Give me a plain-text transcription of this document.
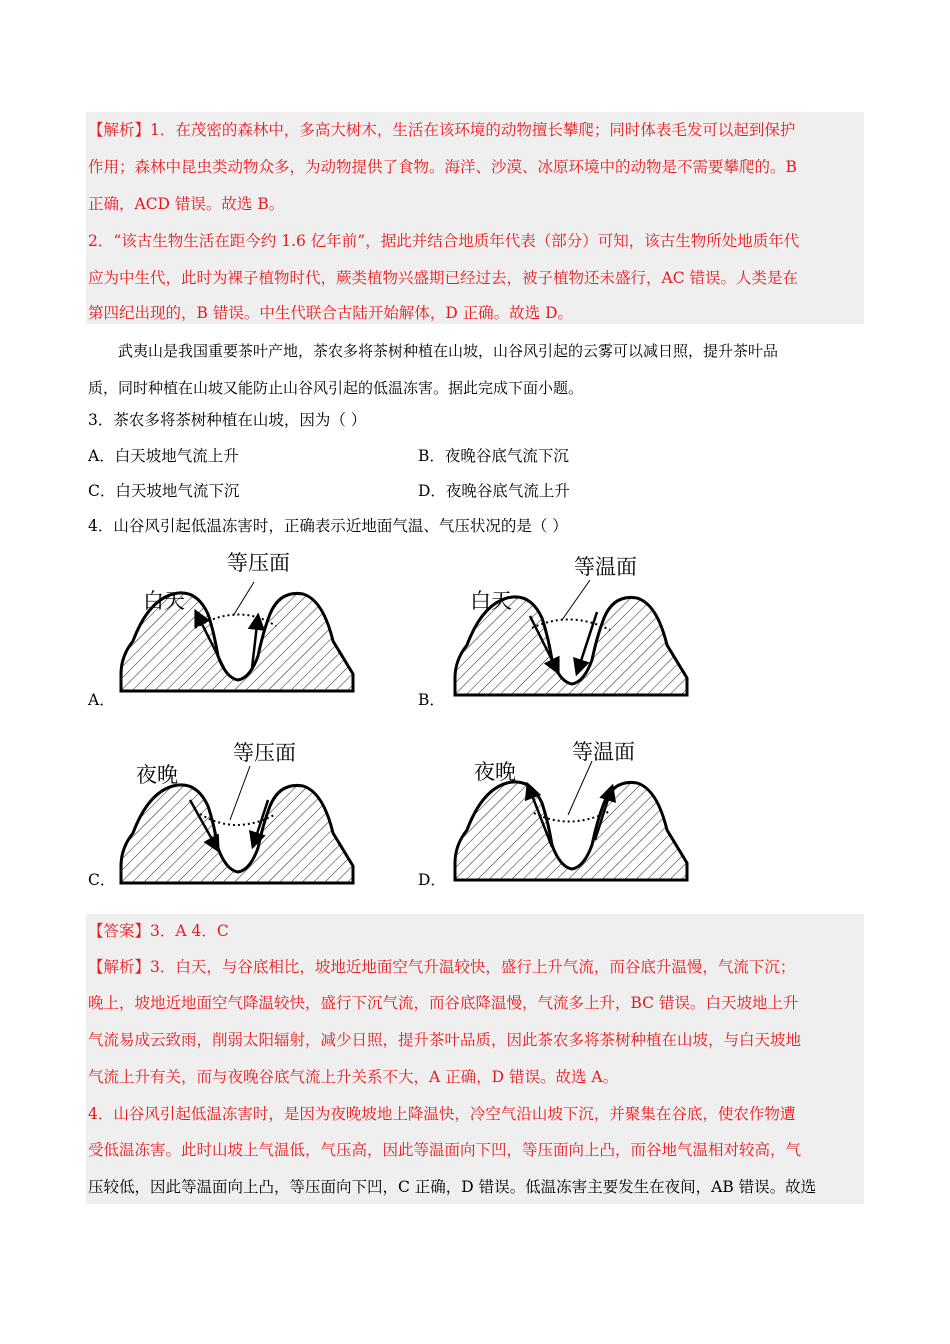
【解析】1．在茂密的森林中，多高大树木，生活在该环境的动物擅长攀爬；同时体表毛发可以起到保护
作用；森林中昆虫类动物众多，为动物提供了食物。海洋、沙漠、冰原环境中的动物是不需要攀爬的。B
正确，ACD 错误。故选 B。
2．“该古生物生活在距今约 1.6 亿年前”，据此并结合地质年代表（部分）可知，该古生物所处地质年代
应为中生代，此时为裸子植物时代，蕨类植物兴盛期已经过去，被子植物还未盛行，AC 错误。人类是在
第四纪出现的，B 错误。中生代联合古陆开始解体，D 正确。故选 D。
武夷山是我国重要茶叶产地，茶农多将茶树种植在山坡，山谷风引起的云雾可以减日照，提升茶叶品
质，同时种植在山坡又能防止山谷风引起的低温冻害。据此完成下面小题。
3．茶农多将茶树种植在山坡，因为（ ）
A．白天坡地气流上升	B．夜晚谷底气流下沉
C．白天坡地气流下沉	D．夜晚谷底气流上升
4．山谷风引起低温冻害时，正确表示近地面气温、气压状况的是（ ）
等压面
白天
A．
等温面
白天
B．
等压面
夜晚
C．
等温面
夜晚
D．
【答案】3．A 4．C
【解析】3．白天，与谷底相比，坡地近地面空气升温较快，盛行上升气流，而谷底升温慢，气流下沉；
晚上，坡地近地面空气降温较快，盛行下沉气流，而谷底降温慢，气流多上升，BC 错误。白天坡地上升
气流易成云致雨，削弱太阳辐射，减少日照，提升茶叶品质，因此茶农多将茶树种植在山坡，与白天坡地
气流上升有关，而与夜晚谷底气流上升关系不大，A 正确，D 错误。故选 A。
4．山谷风引起低温冻害时，是因为夜晚坡地上降温快，冷空气沿山坡下沉，并聚集在谷底，使农作物遭
受低温冻害。此时山坡上气温低，气压高，因此等温面向下凹，等压面向上凸，而谷地气温相对较高，气
压较低，因此等温面向上凸，等压面向下凹，C 正确，D 错误。低温冻害主要发生在夜间，AB 错误。故选
